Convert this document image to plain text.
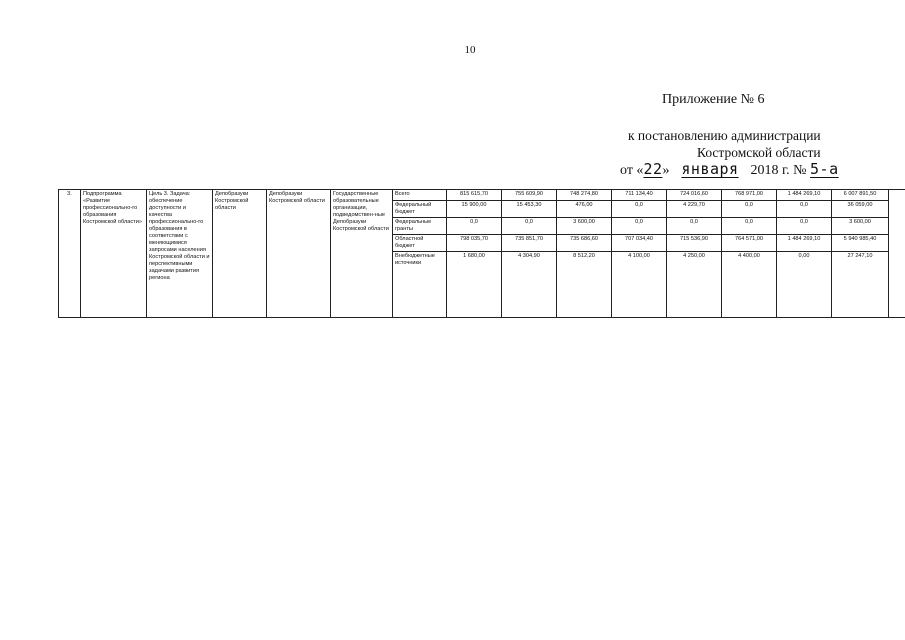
10
Приложение № 6
к постановлению администрации
Костромской области
от «22» января 2018 г. № 5-а
3.	Подпрограмма «Развитие профессионально-го образования Костромской области»	Цель 3. Задача: обеспечение доступности и качества профессионально-го образования в соответствии с меняющимися запросами населения Костромской области и перспективными задачами развития региона	Депобразуки Костромской области	Депобразуки Костромской области	Государственные образовательные организации, подведомствен-ные Депобразуки Костромской области	Всего	815 615,70	755 609,90	748 274,80	711 134,40	724 016,60	768 971,00	1 484 269,10	6 007 891,50	
						Федеральный бюджет	15 900,00	15 453,30	476,00	0,0	4 229,70	0,0	0,0	36 059,00	
						Федеральные гранты	0,0	0,0	3 600,00	0,0	0,0	0,0	0,0	3 600,00	
						Областной бюджет	798 035,70	735 851,70	735 686,60	707 034,40	715 536,90	764 571,00	1 484 269,10	5 940 985,40	
						Внебюджетные источники	1 680,00	4 304,90	8 512,20	4 100,00	4 250,00	4 400,00	0,00	27 247,10	
